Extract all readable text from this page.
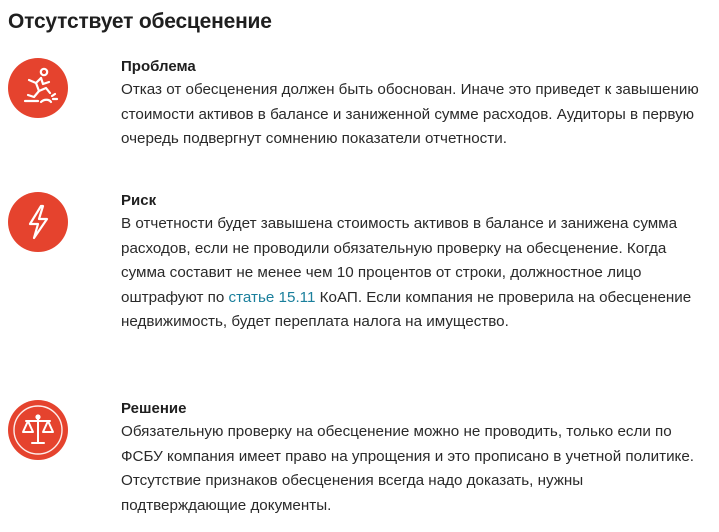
Отсутствует обесценение

Проблема

Отказ от обесценения должен быть обоснован. Иначе это приведет к завышению стоимости активов в балансе и заниженной сумме расходов. Аудиторы в первую очередь подвергнут сомнению показатели отчетности.

Риск

В отчетности будет завышена стоимость активов в балансе и занижена сумма расходов, если не проводили обязательную проверку на обесценение. Когда сумма составит не менее чем 10 процентов от строки, должностное лицо оштрафуют по статье 15.11 КоАП. Если компания не проверила на обесценение недвижимость, будет переплата налога на имущество.

Решение

Обязательную проверку на обесценение можно не проводить, только если по ФСБУ компания имеет право на упрощения и это прописано в учетной политике. Отсутствие признаков обесценения всегда надо доказать, нужны подтверждающие документы.
